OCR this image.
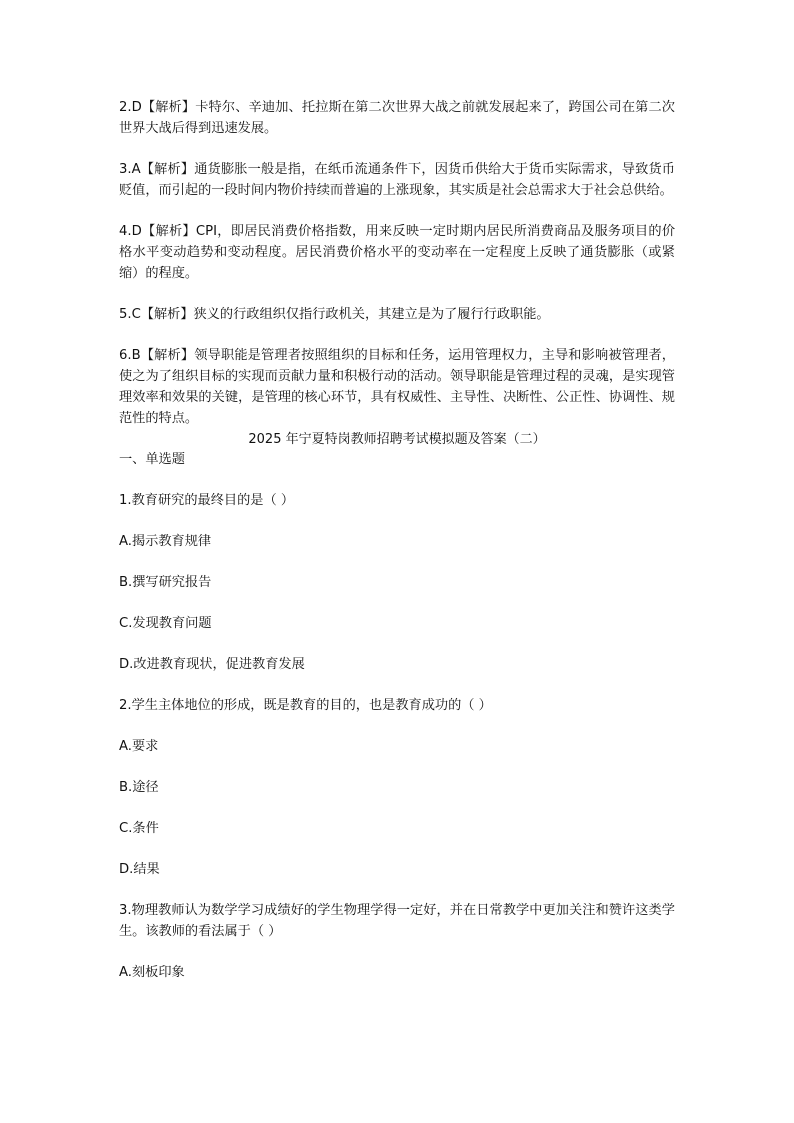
2.D【解析】卡特尔、辛迪加、托拉斯在第二次世界大战之前就发展起来了，跨国公司在第二次世界大战后得到迅速发展。

3.A【解析】通货膨胀一般是指，在纸币流通条件下，因货币供给大于货币实际需求，导致货币贬值，而引起的一段时间内物价持续而普遍的上涨现象，其实质是社会总需求大于社会总供给。

4.D【解析】CPI，即居民消费价格指数，用来反映一定时期内居民所消费商品及服务项目的价格水平变动趋势和变动程度。居民消费价格水平的变动率在一定程度上反映了通货膨胀（或紧缩）的程度。

5.C【解析】狭义的行政组织仅指行政机关，其建立是为了履行行政职能。

6.B【解析】领导职能是管理者按照组织的目标和任务，运用管理权力，主导和影响被管理者，使之为了组织目标的实现而贡献力量和积极行动的活动。领导职能是管理过程的灵魂，是实现管理效率和效果的关键，是管理的核心环节，具有权威性、主导性、决断性、公正性、协调性、规范性的特点。

2025 年宁夏特岗教师招聘考试模拟题及答案（二）

一、单选题

1.教育研究的最终目的是（ ）

A.揭示教育规律

B.撰写研究报告

C.发现教育问题

D.改进教育现状，促进教育发展

2.学生主体地位的形成，既是教育的目的，也是教育成功的（ ）

A.要求

B.途径

C.条件

D.结果

3.物理教师认为数学学习成绩好的学生物理学得一定好，并在日常教学中更加关注和赞许这类学生。该教师的看法属于（ ）

A.刻板印象
